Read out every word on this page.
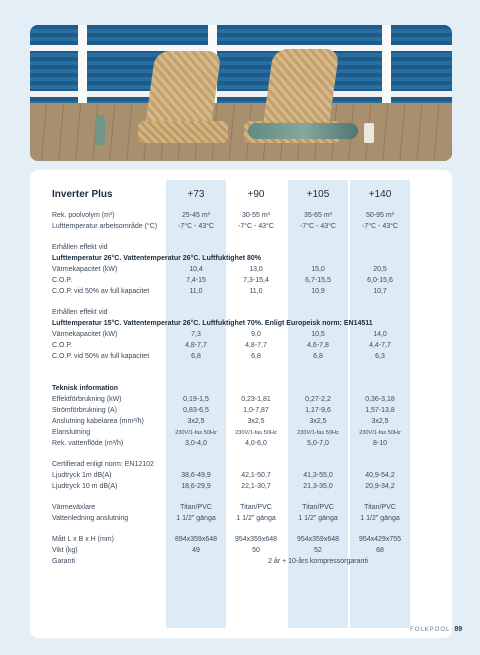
Inverter Plus	+73	+90	+105	+140
Rek. poolvolym (m³)	25-45 m³	30-55 m³	35-65 m³	50-95 m³
Lufttemperatur arbetsområde (°C)	-7°C - 43°C	-7°C - 43°C	-7°C - 43°C	-7°C - 43°C
Erhållen effekt vid
Lufttemperatur 26°C. Vattentemperatur 26°C. Luftfuktighet 80%
Värmekapacitet (kW)	10,4	13,0	15,0	20,5
C.O.P.	7,4-15	7,3-15,4	6,7-15,5	6,0-15,6
C.O.P. vid 50% av full kapacitet	11,0	11,0	10,9	10,7
Erhållen effekt vid
Lufttemperatur 15°C. Vattentemperatur 26°C. Luftfuktighet 70%. Enligt Europeisk norm: EN14511
Värmekapacitet (kW)	7,3	9,0	10,5	14,0
C.O.P.	4,8-7,7	4,8-7,7	4,6-7,8	4,4-7,7
C.O.P. vid 50% av full kapacitet	6,8	6,8	6,8	6,3
Teknisk information
Effektförbrukning (kW)	0,19-1,5	0,23-1,81	0,27-2,2	0,36-3,18
Strömförbrukning (A)	0,83-6,5	1,0-7,87	1,17-9,6	1,57-13,8
Anslutning kabelarea (mm²/h)	3x2,5	3x2,5	3x2,5	3x2,5
Elanslutning	230V/1-fas 50Hz	230V/1-fas 50Hz	230V/1-fas 50Hz	230V/1-fas 50Hz
Rek. vattenflöde (m³/h)	3,0-4,0	4,0-6,0	5,0-7,0	8-10
Certifierad enligt norm: EN12102
Ljudtryck 1m dB(A)	38,6-49,9	42,1-50,7	41,3-55,0	40,9-54,2
Ljudtryck 10 m dB(A)	18,6-29,9	22,1-30,7	21,3-35,0	20,9-34,2
Värmeväxlare	Titan/PVC	Titan/PVC	Titan/PVC	Titan/PVC
Vattenledning anslutning	1 1/2" gänga	1 1/2" gänga	1 1/2" gänga	1 1/2" gänga
Mått L x B x H (mm)	894x359x648	954x359x648	954x359x648	954x429x755
Vikt (kg)	49	50	52	68
Garanti	2 år + 10-års kompressorgaranti
FOLKPOOL 89
